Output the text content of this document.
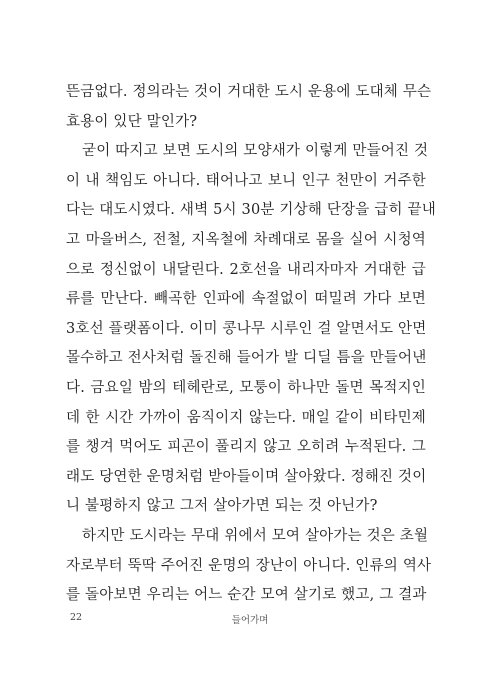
뜬금없다. 정의라는 것이 거대한 도시 운용에 도대체 무슨
효용이 있단 말인가?
굳이 따지고 보면 도시의 모양새가 이렇게 만들어진 것
이 내 책임도 아니다. 태어나고 보니 인구 천만이 거주한
다는 대도시였다. 새벽 5시 30분 기상해 단장을 급히 끝내
고 마을버스, 전철, 지옥철에 차례대로 몸을 실어 시청역
으로 정신없이 내달린다. 2호선을 내리자마자 거대한 급
류를 만난다. 빼곡한 인파에 속절없이 떠밀려 가다 보면
3호선 플랫폼이다. 이미 콩나무 시루인 걸 알면서도 안면
몰수하고 전사처럼 돌진해 들어가 발 디딜 틈을 만들어낸
다. 금요일 밤의 테헤란로, 모퉁이 하나만 돌면 목적지인
데 한 시간 가까이 움직이지 않는다. 매일 같이 비타민제
를 챙겨 먹어도 피곤이 풀리지 않고 오히려 누적된다. 그
래도 당연한 운명처럼 받아들이며 살아왔다. 정해진 것이
니 불평하지 않고 그저 살아가면 되는 것 아닌가?
하지만 도시라는 무대 위에서 모여 살아가는 것은 초월
자로부터 뚝딱 주어진 운명의 장난이 아니다. 인류의 역사
를 돌아보면 우리는 어느 순간 모여 살기로 했고, 그 결과
22	들어가며
